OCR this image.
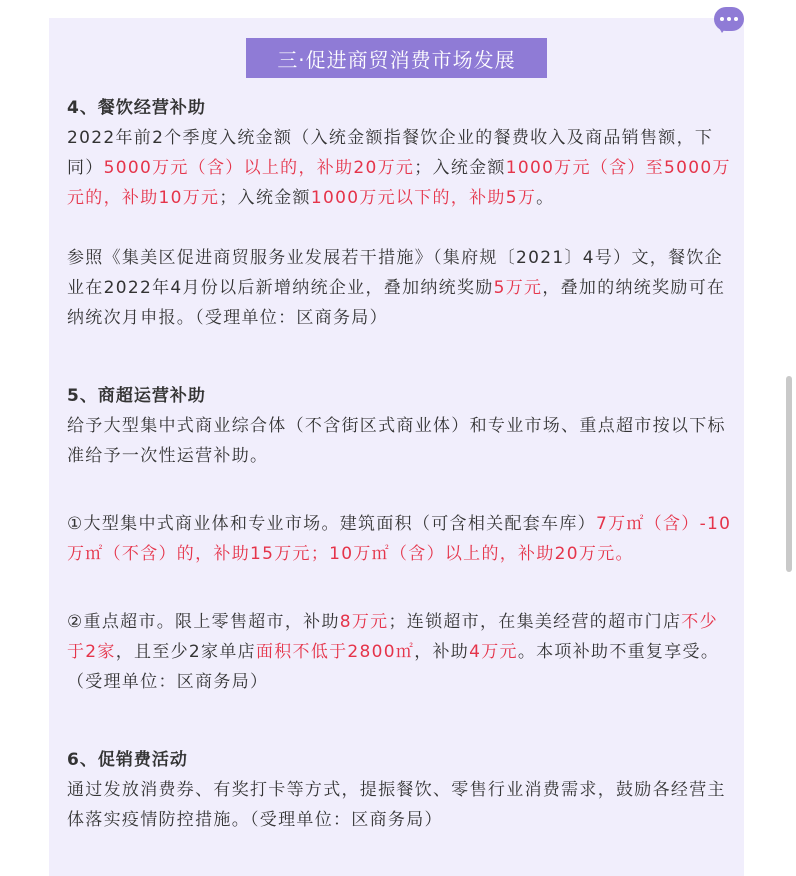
三·促进商贸消费市场发展
4、餐饮经营补助

2022年前2个季度入统金额（入统金额指餐饮企业的餐费收入及商品销售额，下同）5000万元（含）以上的，补助20万元；入统金额1000万元（含）至5000万元的，补助10万元；入统金额1000万元以下的，补助5万。

参照《集美区促进商贸服务业发展若干措施》（集府规〔2021〕4号）文，餐饮企业在2022年4月份以后新增纳统企业，叠加纳统奖励5万元，叠加的纳统奖励可在纳统次月申报。（受理单位：区商务局）

5、商超运营补助

给予大型集中式商业综合体（不含街区式商业体）和专业市场、重点超市按以下标准给予一次性运营补助。

①大型集中式商业体和专业市场。建筑面积（可含相关配套车库）7万㎡（含）-10万㎡（不含）的，补助15万元；10万㎡（含）以上的，补助20万元。

②重点超市。限上零售超市，补助8万元；连锁超市，在集美经营的超市门店不少于2家，且至少2家单店面积不低于2800㎡，补助4万元。本项补助不重复享受。（受理单位：区商务局）

6、促销费活动

通过发放消费券、有奖打卡等方式，提振餐饮、零售行业消费需求，鼓励各经营主体落实疫情防控措施。（受理单位：区商务局）
